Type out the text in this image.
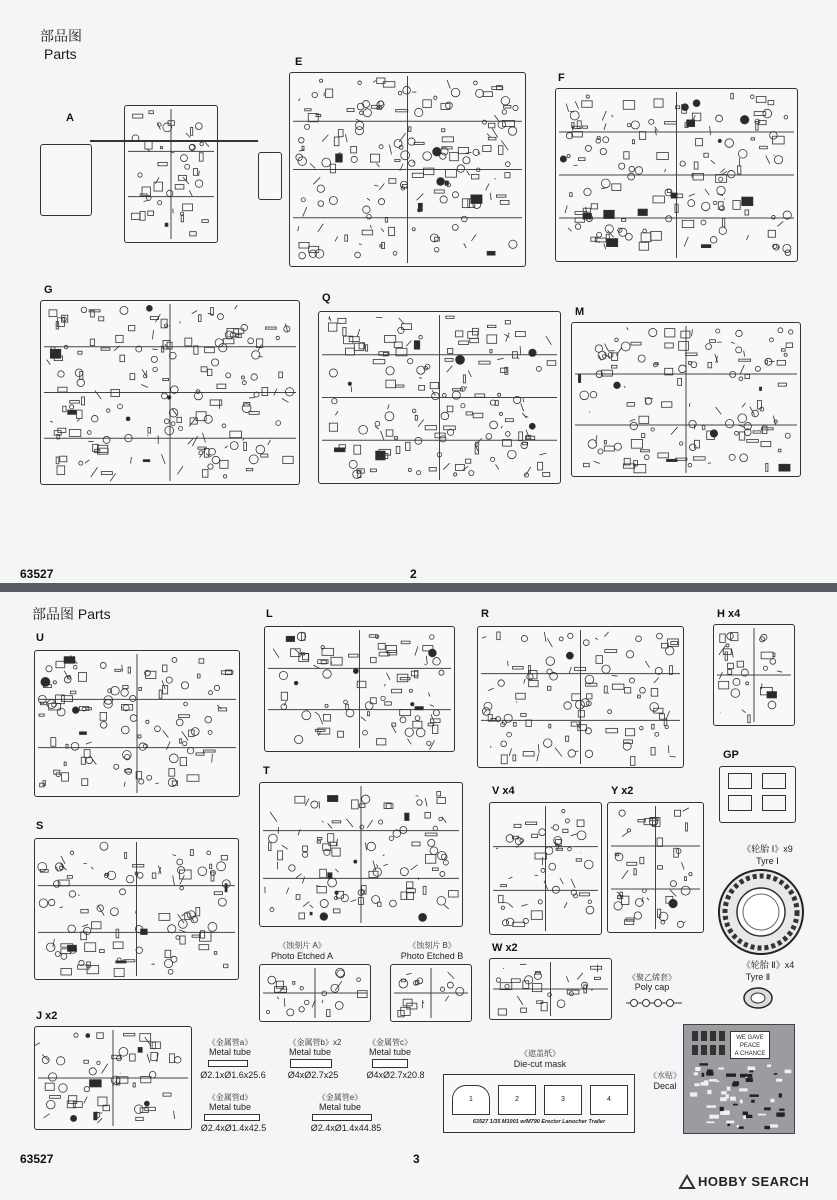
部品图
Parts
A
E
F
G
Q
M
63527	2
部品图 Parts
U
L	R	H x4
GP
T
V x4	Y x2
S
《轮胎 Ⅰ》x9
Tyre Ⅰ
《轮胎 Ⅱ》x4
Tyre Ⅱ
《蚀刻片 A》
Photo Etched A
《蚀刻片 B》
Photo Etched B
W x2
《聚乙烯套》
Poly cap
J x2
《金属管a》
Metal tube
Ø2.1xØ1.6x25.6
《金属管b》x2
Metal tube
Ø4xØ2.7x25
《金属管c》
Metal tube
Ø4xØ2.7x20.8
《金属管d》
Metal tube
Ø2.4xØ1.4x42.5
《金属管e》
Metal tube
Ø2.4xØ1.4x44.85
《遮盖纸》
Die-cut mask
1	2	3	4
63527 1/35 M1001 w/M790 Erector Lanocher Trailer
《水贴》
Decal
WE GAVE
PEACE
A CHANCE
63527	3
HOBBY SEARCH
